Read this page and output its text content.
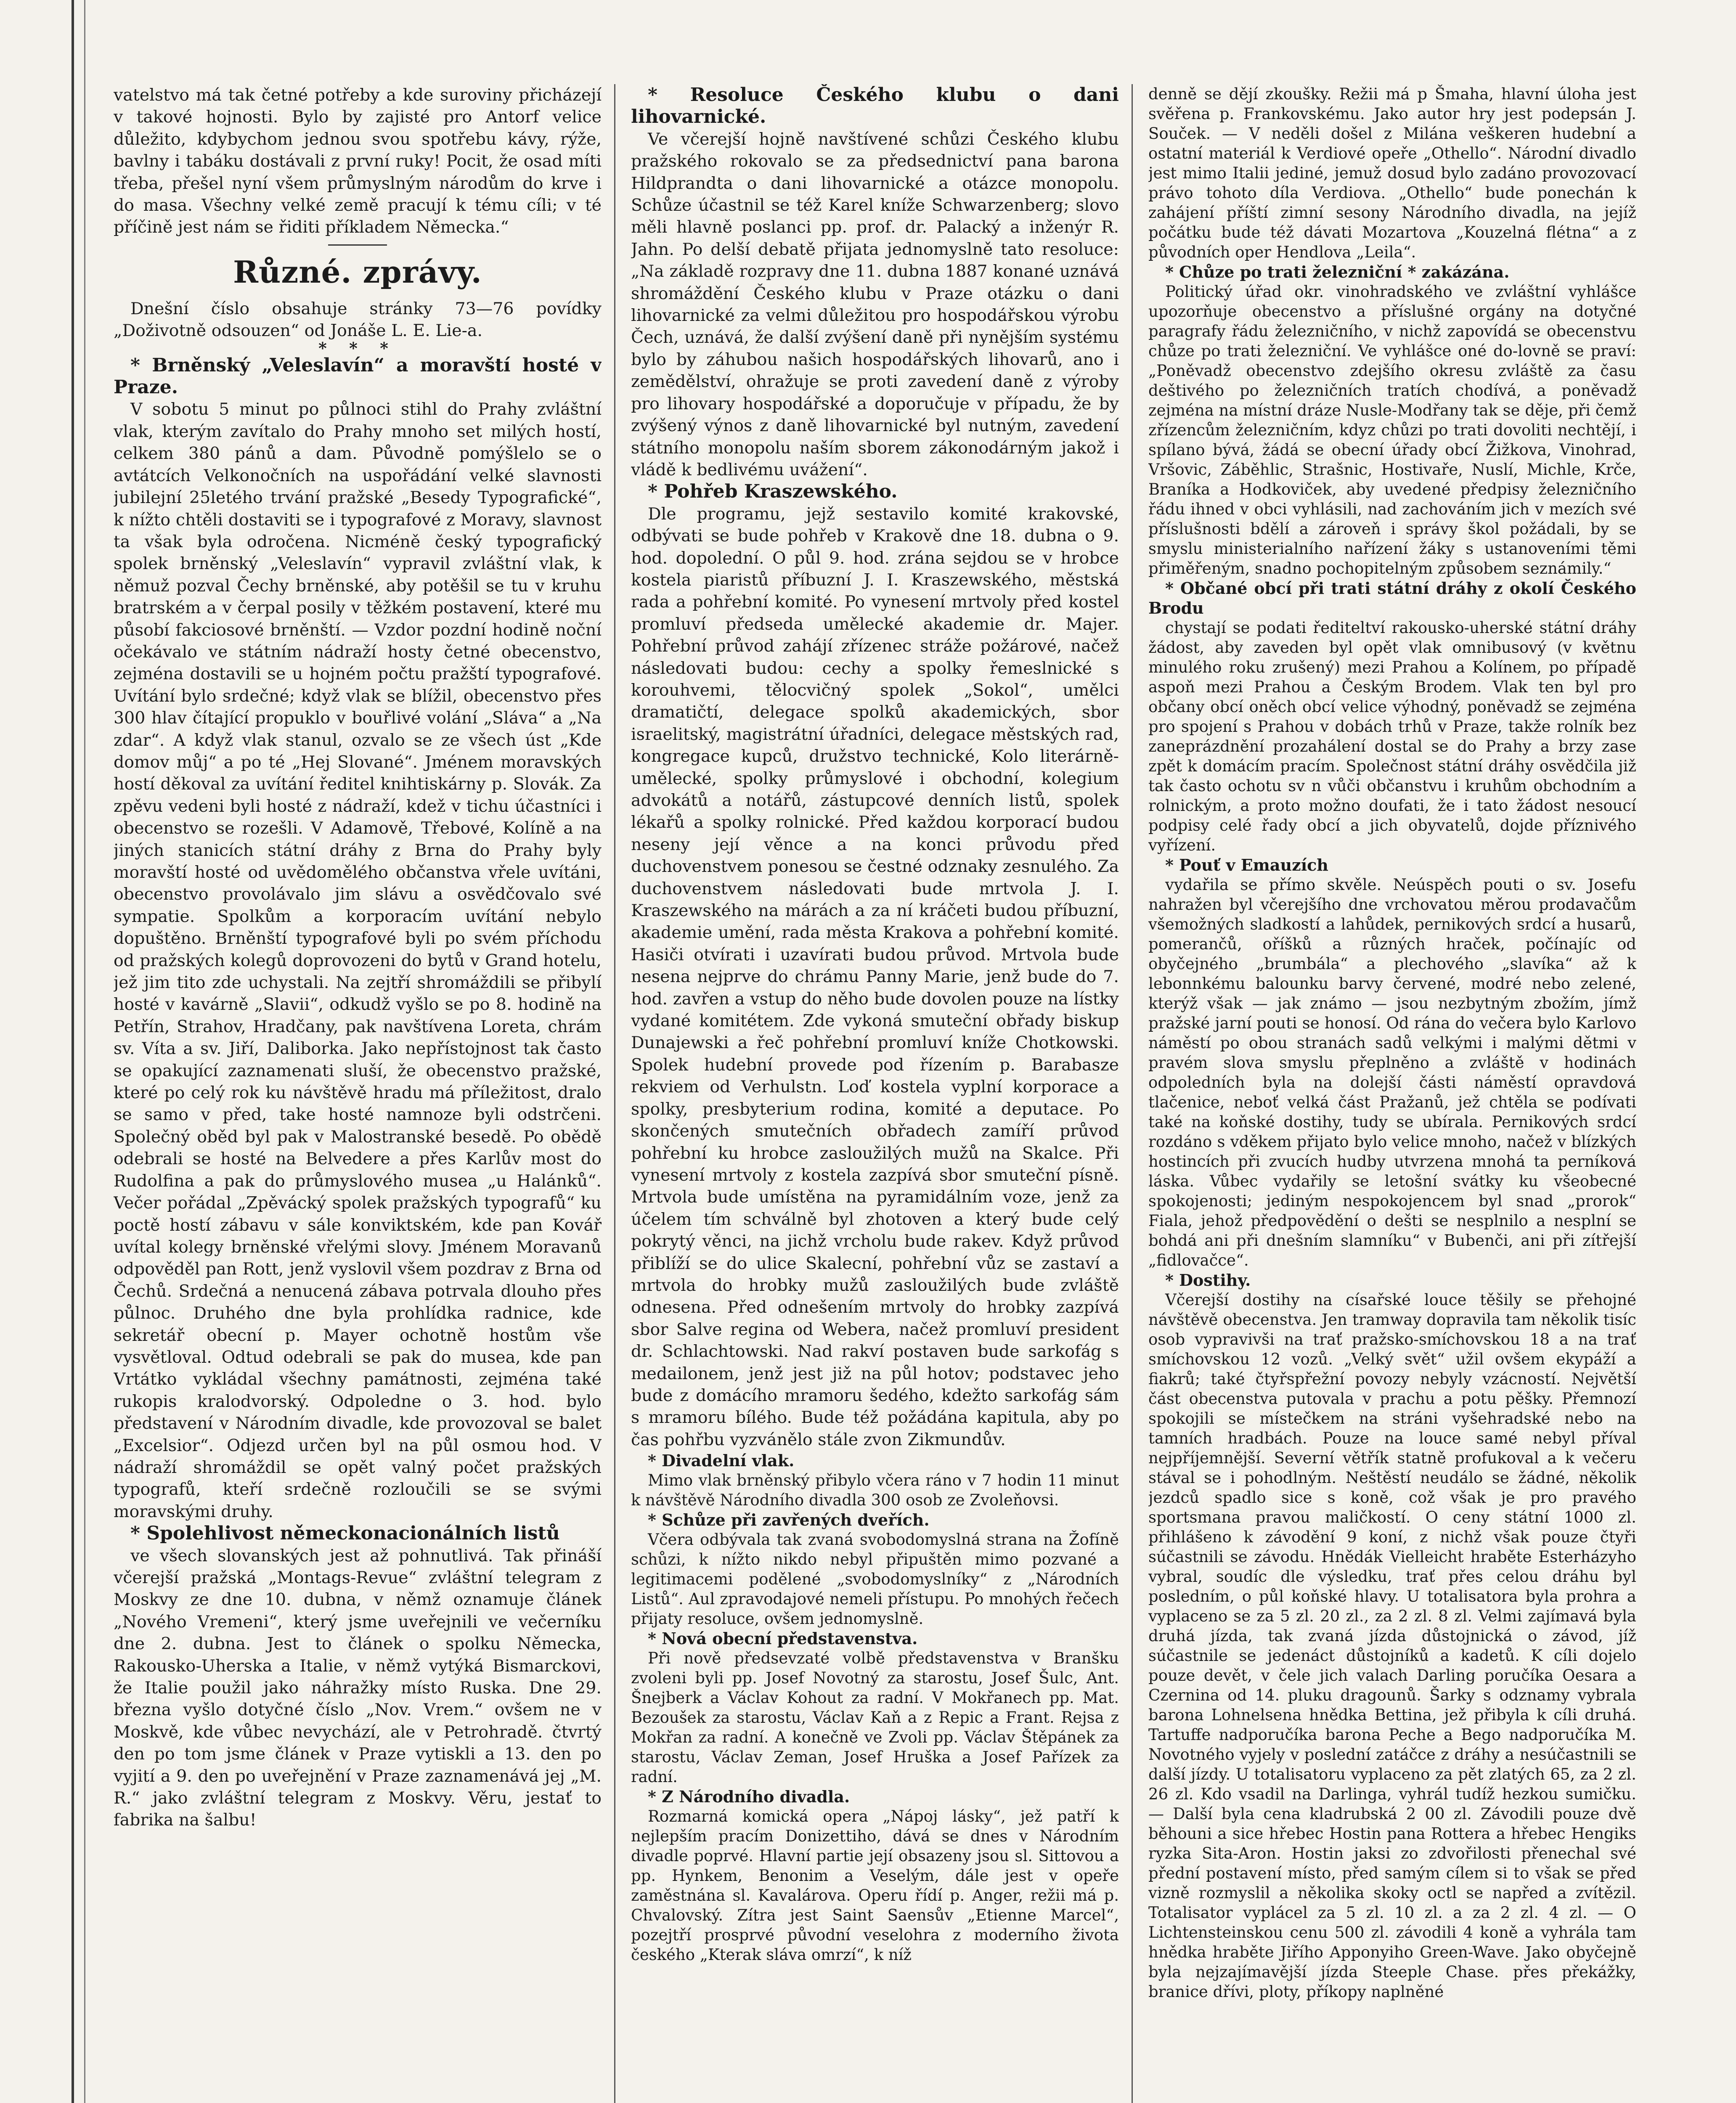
vatelstvo má tak četné potřeby a kde suroviny přicházejí v takové hojnosti. Bylo by zajisté pro Antorf velice důležito, kdybychom jednou svou spotřebu kávy, rýže, bavlny i tabáku dostávali z první ruky! Pocit, že osad míti třeba, přešel nyní všem průmyslným národům do krve i do masa. Všechny velké země pracují k tému cíli; v té příčině jest nám se řiditi příkladem Německa.“

Různé. zprávy.

Dnešní číslo obsahuje stránky 73—76 povídky „Doživotně odsouzen“ od Jonáše L. E. Lie-a.

* * *

* Brněnský „Veleslavín“ a moravští hosté v Praze.

V sobotu 5 minut po půlnoci stihl do Prahy zvláštní vlak, kterým zavítalo do Prahy mnoho set milých hostí, celkem 380 pánů a dam. Původně pomýšlelo se o avtátcích Velkonočních na uspořádání velké slavnosti jubilejní 25letého trvání pražské „Besedy Typografické“, k nížto chtěli dostaviti se i typografové z Moravy, slavnost ta však byla odročena. Nicméně český typografický spolek brněnský „Veleslavín“ vypravil zvláštní vlak, k němuž pozval Čechy brněnské, aby potěšil se tu v kruhu bratrském a v čerpal posily v těžkém postavení, které mu působí fakciosové brněnští. — Vzdor pozdní hodině noční očekávalo ve státním nádraží hosty četné obecenstvo, zejména dostavili se u hojném počtu pražští typografové. Uvítání bylo srdečné; když vlak se blížil, obecenstvo přes 300 hlav čítající propuklo v bouřlivé volání „Sláva“ a „Na zdar“. A když vlak stanul, ozvalo se ze všech úst „Kde domov můj“ a po té „Hej Slované“. Jménem moravských hostí děkoval za uvítání ředitel knihtiskárny p. Slovák. Za zpěvu vedeni byli hosté z nádraží, kdež v tichu účastníci i obecenstvo se rozešli. V Adamově, Třebové, Kolíně a na jiných stanicích státní dráhy z Brna do Prahy byly moravští hosté od uvědomělého občanstva vřele uvítáni, obecenstvo provolávalo jim slávu a osvědčovalo své sympatie. Spolkům a korporacím uvítání nebylo dopuštěno. Brněnští typografové byli po svém příchodu od pražských kolegů doprovozeni do bytů v Grand hotelu, jež jim tito zde uchystali. Na zejtří shromáždili se přibylí hosté v kavárně „Slavii“, odkudž vyšlo se po 8. hodině na Petřín, Strahov, Hradčany, pak navštívena Loreta, chrám sv. Víta a sv. Jiří, Daliborka. Jako nepřístojnost tak často se opakující zaznamenati sluší, že obecenstvo pražské, které po celý rok ku návštěvě hradu má příležitost, dralo se samo v před, take hosté namnoze byli odstrčeni. Společný oběd byl pak v Malostranské besedě. Po obědě odebrali se hosté na Belvedere a přes Karlův most do Rudolfina a pak do průmyslového musea „u Halánků“. Večer pořádal „Zpěvácký spolek pražských typografů“ ku poctě hostí zábavu v sále konviktském, kde pan Kovář uvítal kolegy brněnské vřelými slovy. Jménem Moravanů odpověděl pan Rott, jenž vyslovil všem pozdrav z Brna od Čechů. Srdečná a nenucená zábava potrvala dlouho přes půlnoc. Druhého dne byla prohlídka radnice, kde sekretář obecní p. Mayer ochotně hostům vše vysvětloval. Odtud odebrali se pak do musea, kde pan Vrtátko vykládal všechny památnosti, zejména také rukopis kralodvorský. Odpoledne o 3. hod. bylo představení v Národním divadle, kde provozoval se balet „Excelsior“. Odjezd určen byl na půl osmou hod. V nádraží shromáždil se opět valný počet pražských typografů, kteří srdečně rozloučili se se svými moravskými druhy.

* Spolehlivost německonacionálních listů

ve všech slovanských jest až pohnutlivá. Tak přináší včerejší pražská „Montags-Revue“ zvláštní telegram z Moskvy ze dne 10. dubna, v němž oznamuje článek „Nového Vremeni“, který jsme uveřejnili ve večerníku dne 2. dubna. Jest to článek o spolku Německa, Rakousko-Uherska a Italie, v němž vytýká Bismarckovi, že Italie použil jako náhražky místo Ruska. Dne 29. března vyšlo dotyčné číslo „Nov. Vrem.“ ovšem ne v Moskvě, kde vůbec nevychází, ale v Petrohradě. čtvrtý den po tom jsme článek v Praze vytiskli a 13. den po vyjití a 9. den po uveřejnění v Praze zaznamenává jej „M. R.“ jako zvláštní telegram z Moskvy. Věru, jestať to fabrika na šalbu!

* Resoluce Českého klubu o dani lihovarnické.

Ve včerejší hojně navštívené schůzi Českého klubu pražského rokovalo se za předsednictví pana barona Hildprandta o dani lihovarnické a otázce monopolu. Schůze účastnil se též Karel kníže Schwarzenberg; slovo měli hlavně poslanci pp. prof. dr. Palacký a inženýr R. Jahn. Po delší debatě přijata jednomyslně tato resoluce: „Na základě rozpravy dne 11. dubna 1887 konané uznává shromáždění Českého klubu v Praze otázku o dani lihovarnické za velmi důležitou pro hospodářskou výrobu Čech, uznává, že další zvýšení daně při nynějším systému bylo by záhubou našich hospodářských lihovarů, ano i zemědělství, ohražuje se proti zavedení daně z výroby pro lihovary hospodářské a doporučuje v případu, že by zvýšený výnos z daně lihovarnické byl nutným, zavedení státního monopolu naším sborem zákonodárným jakož i vládě k bedlivému uvážení“.

* Pohřeb Kraszewského.

Dle programu, jejž sestavilo komité krakovské, odbývati se bude pohřeb v Krakově dne 18. dubna o 9. hod. dopolední. O půl 9. hod. zrána sejdou se v hrobce kostela piaristů příbuzní J. I. Kraszewského, městská rada a pohřební komité. Po vynesení mrtvoly před kostel promluví předseda umělecké akademie dr. Majer. Pohřební průvod zahájí zřízenec stráže požárové, načež následovati budou: cechy a spolky řemeslnické s korouhvemi, tělocvičný spolek „Sokol“, umělci dramatičtí, delegace spolků akademických, sbor israelitský, magistrátní úřadníci, delegace městských rad, kongregace kupců, družstvo technické, Kolo literárně-umělecké, spolky průmyslové i obchodní, kolegium advokátů a notářů, zástupcové denních listů, spolek lékařů a spolky rolnické. Před každou korporací budou neseny její věnce a na konci průvodu před duchovenstvem ponesou se čestné odznaky zesnulého. Za duchovenstvem následovati bude mrtvola J. I. Kraszewského na márách a za ní kráčeti budou příbuzní, akademie umění, rada města Krakova a pohřební komité. Hasiči otvírati i uzavírati budou průvod. Mrtvola bude nesena nejprve do chrámu Panny Marie, jenž bude do 7. hod. zavřen a vstup do něho bude dovolen pouze na lístky vydané komitétem. Zde vykoná smuteční obřady biskup Dunajewski a řeč pohřební promluví kníže Chotkowski. Spolek hudební provede pod řízením p. Barabasze rekviem od Verhulstn. Loď kostela vyplní korporace a spolky, presbyterium rodina, komité a deputace. Po skončených smutečních obřadech zamíří průvod pohřební ku hrobce zasloužilých mužů na Skalce. Při vynesení mrtvoly z kostela zazpívá sbor smuteční písně. Mrtvola bude umístěna na pyramidálním voze, jenž za účelem tím schválně byl zhotoven a který bude celý pokrytý věnci, na jichž vrcholu bude rakev. Když průvod přiblíží se do ulice Skalecní, pohřební vůz se zastaví a mrtvola do hrobky mužů zasloužilých bude zvláště odnesena. Před odnešením mrtvoly do hrobky zazpívá sbor Salve regina od Webera, načež promluví president dr. Schlachtowski. Nad rakví postaven bude sarkofág s medailonem, jenž jest již na půl hotov; podstavec jeho bude z domácího mramoru šedého, kdežto sarkofág sám s mramoru bílého. Bude též požádána kapitula, aby po čas pohřbu vyzvánělo stále zvon Zikmundův.

* Divadelní vlak.

Mimo vlak brněnský přibylo včera ráno v 7 hodin 11 minut k návštěvě Národního divadla 300 osob ze Zvoleňovsi.

* Schůze při zavřených dveřích.

Včera odbývala tak zvaná svobodomyslná strana na Žofíně schůzi, k nížto nikdo nebyl připuštěn mimo pozvané a legitimacemi podělené „svobodomyslníky“ z „Národních Listů“. Aul zpravodajové nemeli přístupu. Po mnohých řečech přijaty resoluce, ovšem jednomyslně.

* Nová obecní představenstva.

Při nově předsevzaté volbě představenstva v Branšku zvoleni byli pp. Josef Novotný za starostu, Josef Šulc, Ant. Šnejberk a Václav Kohout za radní. V Mokřanech pp. Mat. Bezoušek za starostu, Václav Kaň a z Repic a Frant. Rejsa z Mokřan za radní. A konečně ve Zvoli pp. Václav Štěpánek za starostu, Václav Zeman, Josef Hruška a Josef Pařízek za radní.

* Z Národního divadla.

Rozmarná komická opera „Nápoj lásky“, jež patří k nejlepším pracím Donizettiho, dává se dnes v Národním divadle poprvé. Hlavní partie její obsazeny jsou sl. Sittovou a pp. Hynkem, Benonim a Veselým, dále jest v opeře zaměstnána sl. Kavalárova. Operu řídí p. Anger, režii má p. Chvalovský. Zítra jest Saint Saensův „Etienne Marcel“, pozejtří prosprvé původní veselohra z moderního života českého „Kterak sláva omrzí“, k níž

denně se dějí zkoušky. Režii má p Šmaha, hlavní úloha jest svěřena p. Frankovskému. Jako autor hry jest podepsán J. Souček. — V neděli došel z Milána veškeren hudební a ostatní materiál k Verdiové opeře „Othello“. Národní divadlo jest mimo Italii jediné, jemuž dosud bylo zadáno provozovací právo tohoto díla Verdiova. „Othello“ bude ponechán k zahájení příští zimní sesony Národního divadla, na jejíž počátku bude též dávati Mozartova „Kouzelná flétna“ a z původních oper Hendlova „Leila“.

* Chůze po trati železniční * zakázána.

Politický úřad okr. vinohradského ve zvláštní vyhlášce upozorňuje obecenstvo a příslušné orgány na dotyčné paragrafy řádu železničního, v nichž zapovídá se obecenstvu chůze po trati železniční. Ve vyhlášce oné do-lovně se praví: „Poněvadž obecenstvo zdejšího okresu zvláště za času deštivého po železničních tratích chodívá, a poněvadž zejména na místní dráze Nusle-Modřany tak se děje, při čemž zřízencům železničním, kdyz chůzi po trati dovoliti nechtějí, i spílano bývá, žádá se obecní úřady obcí Žižkova, Vinohrad, Vršovic, Záběhlic, Strašnic, Hostivaře, Nuslí, Michle, Krče, Braníka a Hodkoviček, aby uvedené předpisy železničního řádu ihned v obci vyhlásili, nad zachováním jich v mezích své příslušnosti bdělí a zároveň i správy škol požádali, by se smyslu ministerialního nařízení žáky s ustanoveními těmi přiměřeným, snadno pochopitelným způsobem seznámily.“

* Občané obcí při trati státní dráhy z okolí Českého Brodu

chystají se podati řediteltví rakousko-uherské státní dráhy žádost, aby zaveden byl opět vlak omnibusový (v květnu minulého roku zrušený) mezi Prahou a Kolínem, po případě aspoň mezi Prahou a Českým Brodem. Vlak ten byl pro občany obcí oněch obcí velice výhodný, poněvadž se zejména pro spojení s Prahou v dobách trhů v Praze, takže rolník bez zaneprázdnění prozahálení dostal se do Prahy a brzy zase zpět k domácím pracím. Společnost státní dráhy osvědčila již tak často ochotu sv n vůči občanstvu i kruhům obchodním a rolnickým, a proto možno doufati, že i tato žádost nesoucí podpisy celé řady obcí a jich obyvatelů, dojde příznivého vyřízení.

* Pouť v Emauzích

vydařila se přímo skvěle. Neúspěch pouti o sv. Josefu nahražen byl včerejšího dne vrchovatou měrou prodavačům všemožných sladkostí a lahůdek, pernikových srdcí a husarů, pomerančů, oříšků a různých hraček, počínajíc od obyčejného „brumbála“ a plechového „slavíka“ až k lebonnkému balounku barvy červené, modré nebo zelené, kterýž však — jak známo — jsou nezbytným zbožím, jímž pražské jarní pouti se honosí. Od rána do večera bylo Karlovo náměstí po obou stranách sadů velkými i malými dětmi v pravém slova smyslu přeplněno a zvláště v hodinách odpoledních byla na dolejší části náměstí opravdová tlačenice, neboť velká část Pražanů, jež chtěla se podívati také na koňské dostihy, tudy se ubírala. Pernikových srdcí rozdáno s vděkem přijato bylo velice mnoho, načež v blízkých hostincích při zvucích hudby utvrzena mnohá ta perníková láska. Vůbec vydařily se letošní svátky ku všeobecné spokojenosti; jediným nespokojencem byl snad „prorok“ Fiala, jehož předpovědění o dešti se nesplnilo a nesplní se bohdá ani při dnešním slamníku“ v Bubenči, ani při zítřejší „fidlovačce“.

* Dostihy.

Včerejší dostihy na císařské louce těšily se přehojné návštěvě obecenstva. Jen tramway dopravila tam několik tisíc osob vypravivši na trať pražsko-smíchovskou 18 a na trať smíchovskou 12 vozů. „Velký svět“ užil ovšem ekypáží a fiakrů; také čtyřspřežní povozy nebyly vzácností. Největší část obecenstva putovala v prachu a potu pěšky. Přemnozí spokojili se místečkem na stráni vyšehradské nebo na tamních hradbách. Pouze na louce samé nebyl příval nejpříjemnější. Severní větřík statně profukoval a k večeru stával se i pohodlným. Neštěstí neudálo se žádné, několik jezdců spadlo sice s koně, což však je pro pravého sportsmana pravou maličkostí. O ceny státní 1000 zl. přihlášeno k závodění 9 koní, z nichž však pouze čtyři súčastnili se závodu. Hnědák Vielleicht hraběte Esterházyho vybral, soudíc dle výsledku, trať přes celou dráhu byl posledním, o půl koňské hlavy. U totalisatora byla prohra a vyplaceno se za 5 zl. 20 zl., za 2 zl. 8 zl. Velmi zajímavá byla druhá jízda, tak zvaná jízda důstojnická o závod, jíž súčastnile se jedenáct důstojníků a kadetů. K cíli dojelo pouze devět, v čele jich valach Darling poručíka Oesara a Czernina od 14. pluku dragounů. Šarky s odznamy vybrala barona Lohnelsena hnědka Bettina, jež přibyla k cíli druhá. Tartuffe nadporučíka barona Peche a Bego nadporučíka M. Novotného vyjely v poslední zatáčce z dráhy a nesúčastnili se další jízdy. U totalisatoru vyplaceno za pět zlatých 65, za 2 zl. 26 zl. Kdo vsadil na Darlinga, vyhrál tudíž hezkou sumičku. — Další byla cena kladrubská 2 00 zl. Závodili pouze dvě běhouni a sice hřebec Hostin pana Rottera a hřebec Hengiks ryzka Sita-Aron. Hostin jaksi zo zdvořilosti přenechal své přední postavení místo, před samým cílem si to však se před vizně rozmyslil a několika skoky octl se napřed a zvítězil. Totalisator vyplácel za 5 zl. 10 zl. a za 2 zl. 4 zl. — O Lichtensteinskou cenu 500 zl. závodili 4 koně a vyhrála tam hnědka hraběte Jiřího Apponyiho Green-Wave. Jako obyčejně byla nejzajímavější jízda Steeple Chase. přes překážky, branice dřívi, ploty, příkopy naplněné
